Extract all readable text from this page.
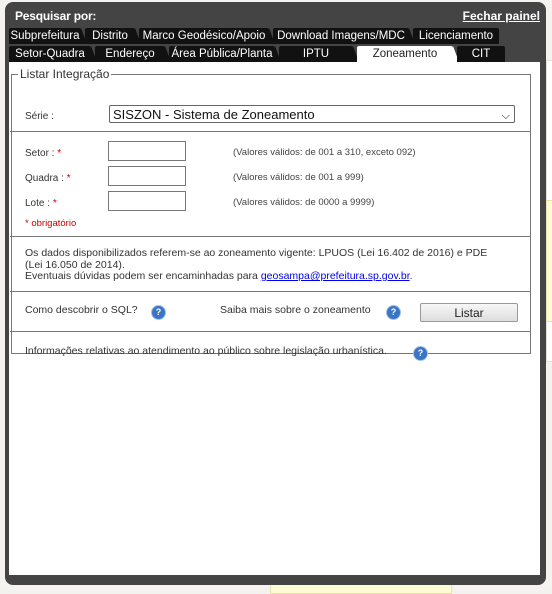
Pesquisar por:	Fechar painel
Subprefeitura	Distrito	Marco Geodésico/Apoio	Download Imagens/MDC	Licenciamento
Setor-Quadra	Endereço	Área Pública/Planta	IPTU	Zoneamento	CIT
Listar Integração
Série :	SISZON - Sistema de Zoneamento	⌵
Setor : *	(Valores válidos: de 001 a 310, exceto 092)
Quadra : *	(Valores válidos: de 001 a 999)
Lote : *	(Valores válidos: de 0000 a 9999)
* obrigatório
Os dados disponibilizados referem-se ao zoneamento vigente: LPUOS (Lei 16.402 de 2016) e PDE
(Lei 16.050 de 2014).
Eventuais dúvidas podem ser encaminhadas para geosampa@prefeitura.sp.gov.br.
Como descobrir o SQL?	?	Saiba mais sobre o zoneamento	?	Listar
Informações relativas ao atendimento ao público sobre legislação urbanística.	?
